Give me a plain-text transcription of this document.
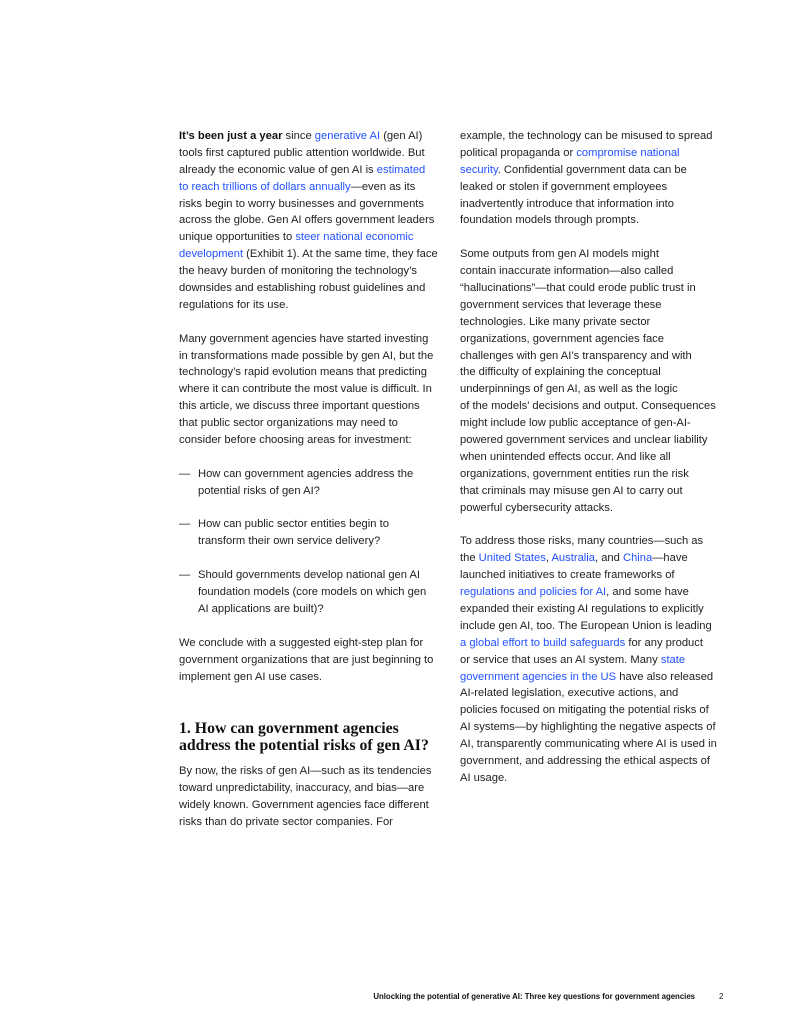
It’s been just a year since generative AI (gen AI)
tools first captured public attention worldwide. But
already the economic value of gen AI is estimated
to reach trillions of dollars annually—even as its
risks begin to worry businesses and governments
across the globe. Gen AI offers government leaders
unique opportunities to steer national economic
development (Exhibit 1). At the same time, they face
the heavy burden of monitoring the technology’s
downsides and establishing robust guidelines and
regulations for its use.
Many government agencies have started investing
in transformations made possible by gen AI, but the
technology’s rapid evolution means that predicting
where it can contribute the most value is difficult. In
this article, we discuss three important questions
that public sector organizations may need to
consider before choosing areas for investment:
— How can government agencies address the
potential risks of gen AI?
— How can public sector entities begin to
transform their own service delivery?
— Should governments develop national gen AI
foundation models (core models on which gen
AI applications are built)?
We conclude with a suggested eight-step plan for
government organizations that are just beginning to
implement gen AI use cases.
1. How can government agencies
address the potential risks of gen AI?
By now, the risks of gen AI—such as its tendencies
toward unpredictability, inaccuracy, and bias—are
widely known. Government agencies face different
risks than do private sector companies. For
example, the technology can be misused to spread
political propaganda or compromise national
security. Confidential government data can be
leaked or stolen if government employees
inadvertently introduce that information into
foundation models through prompts.
Some outputs from gen AI models might
contain inaccurate information—also called
“hallucinations”—that could erode public trust in
government services that leverage these
technologies. Like many private sector
organizations, government agencies face
challenges with gen AI’s transparency and with
the difficulty of explaining the conceptual
underpinnings of gen AI, as well as the logic
of the models’ decisions and output. Consequences
might include low public acceptance of gen-AI-
powered government services and unclear liability
when unintended effects occur. And like all
organizations, government entities run the risk
that criminals may misuse gen AI to carry out
powerful cybersecurity attacks.
To address those risks, many countries—such as
the United States, Australia, and China—have
launched initiatives to create frameworks of
regulations and policies for AI, and some have
expanded their existing AI regulations to explicitly
include gen AI, too. The European Union is leading
a global effort to build safeguards for any product
or service that uses an AI system. Many state
government agencies in the US have also released
AI-related legislation, executive actions, and
policies focused on mitigating the potential risks of
AI systems—by highlighting the negative aspects of
AI, transparently communicating where AI is used in
government, and addressing the ethical aspects of
AI usage.
Unlocking the potential of generative AI: Three key questions for government agencies	2
